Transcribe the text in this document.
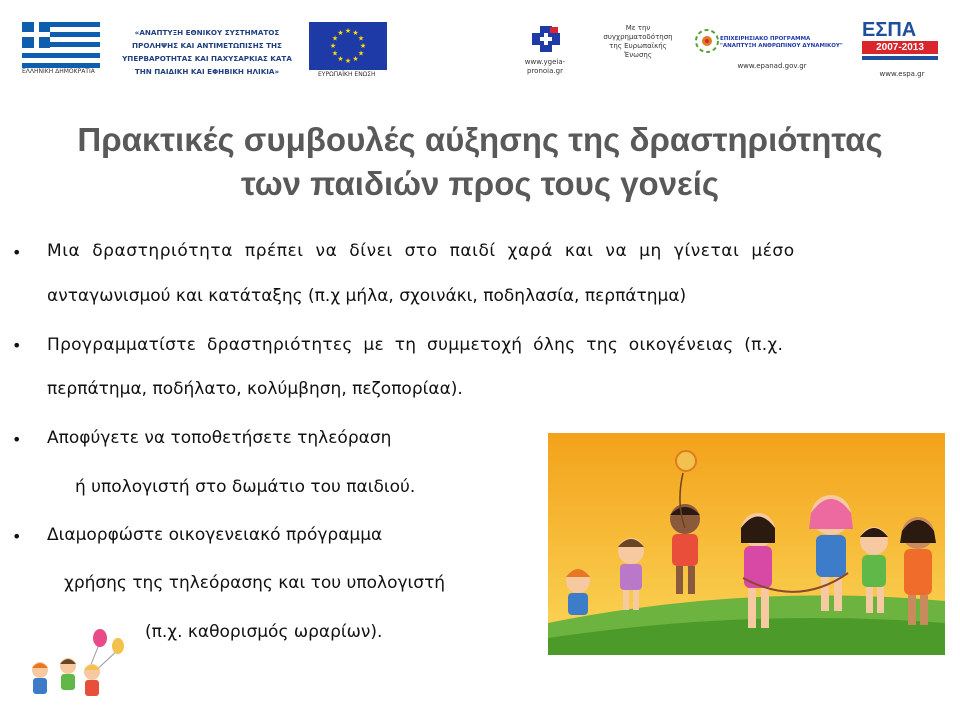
ΕΛΛΗΝΙΚΗ ΔΗΜΟΚΡΑΤΙΑ
«ΑΝΑΠΤΥΞΗ ΕΘΝΙΚΟΥ ΣΥΣΤΗΜΑΤΟΣ
ΠΡΟΛΗΨΗΣ ΚΑΙ ΑΝΤΙΜΕΤΩΠΙΣΗΣ ΤΗΣ
ΥΠΕΡΒΑΡΟΤΗΤΑΣ ΚΑΙ ΠΑΧΥΣΑΡΚΙΑΣ ΚΑΤΑ
ΤΗΝ ΠΑΙΔΙΚΗ ΚΑΙ ΕΦΗΒΙΚΗ ΗΛΙΚΙΑ»
★ ★
★
★
★
★
★
★
★
★
★
★
ΕΥΡΩΠΑΪΚΗ ΕΝΩΣΗ
www.ygeia-pronoia.gr
Με την
συγχρηματοδότηση
της Ευρωπαϊκής
Ένωσης
ΕΠΙΧΕΙΡΗΣΙΑΚΟ ΠΡΟΓΡΑΜΜΑ
"ΑΝΑΠΤΥΞΗ ΑΝΘΡΩΠΙΝΟΥ ΔΥΝΑΜΙΚΟΥ"
www.epanad.gov.gr
ΕΣΠΑ
2007-2013
www.espa.gr
Πρακτικές συμβουλές αύξησης της δραστηριότητας
των παιδιών προς τους γονείς
• Μια δραστηριότητα πρέπει να δίνει στο παιδί χαρά και να μη γίνεται μέσο
ανταγωνισμού και κατάταξης (π.χ μήλα, σχοινάκι, ποδηλασία, περπάτημα)
• Προγραμματίστε δραστηριότητες με τη συμμετοχή όλης της οικογένειας (π.χ.
περπάτημα, ποδήλατο, κολύμβηση, πεζοπορίαα).
• Αποφύγετε να τοποθετήσετε τηλεόραση
ή υπολογιστή στο δωμάτιο του παιδιού.
• Διαμορφώστε οικογενειακό πρόγραμμα
χρήσης της τηλεόρασης και του υπολογιστή
(π.χ. καθορισμός ωραρίων).
